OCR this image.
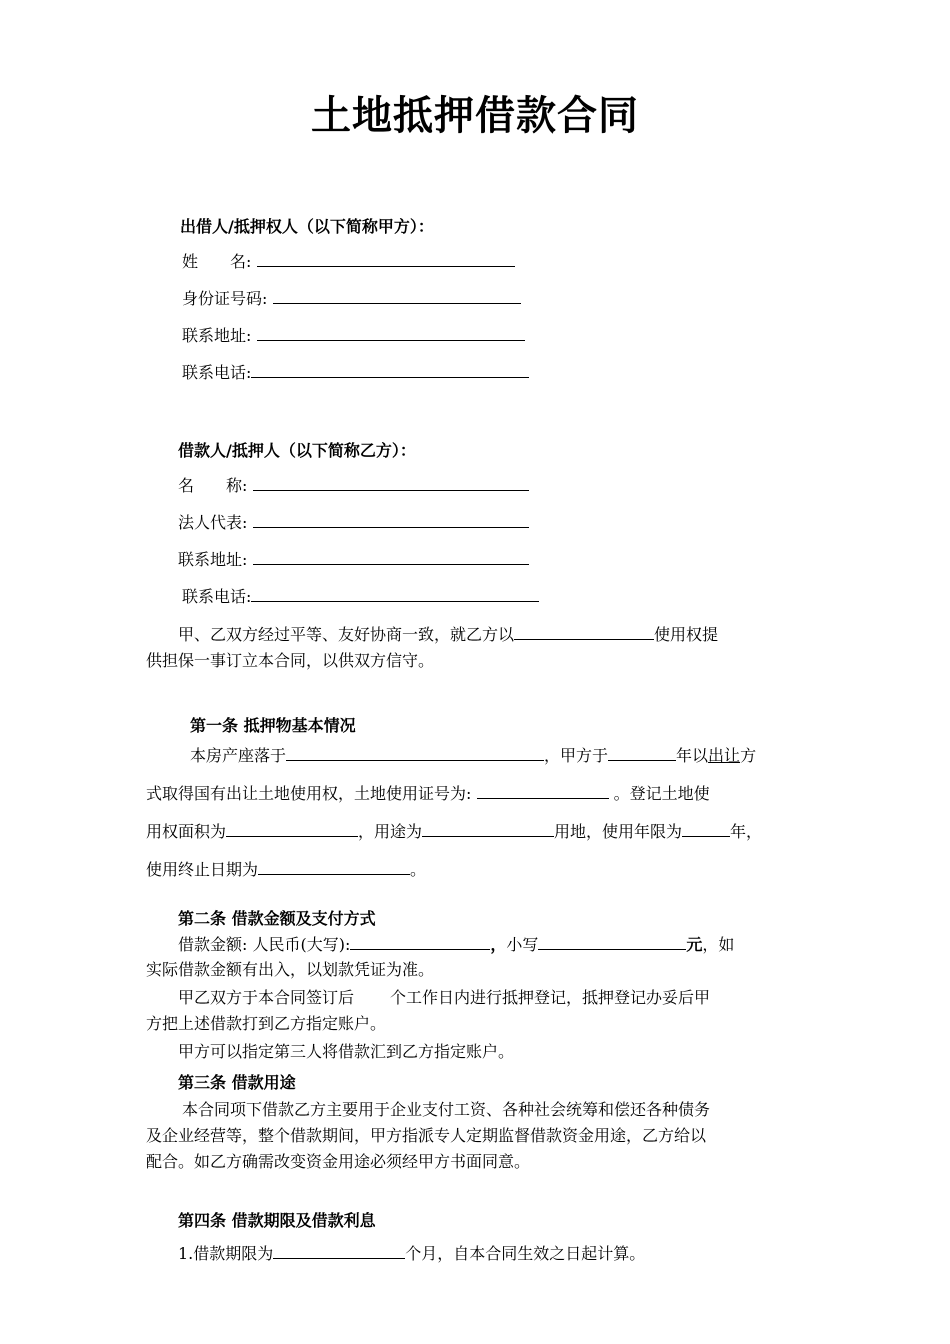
土地抵押借款合同
出借人/抵押权人（以下简称甲方）：
姓　　名:
身份证号码:
联系地址:
联系电话:
借款人/抵押人（以下简称乙方）：
名　　称:
法人代表:
联系地址:
联系电话:
甲、乙双方经过平等、友好协商一致，就乙方以	使用权提
供担保一事订立本合同，以供双方信守。
第一条 抵押物基本情况
本房产座落于	，甲方于	年以出让方
式取得国有出让土地使用权，土地使用证号为:	。登记土地使
用权面积为	，用途为	用地，使用年限为	年，
使用终止日期为	。
第二条 借款金额及支付方式
借款金额: 人民币(大写):	，小写	元，如
实际借款金额有出入，以划款凭证为准。
甲乙双方于本合同签订后 个工作日内进行抵押登记，抵押登记办妥后甲
方把上述借款打到乙方指定账户。
甲方可以指定第三人将借款汇到乙方指定账户。
第三条 借款用途
本合同项下借款乙方主要用于企业支付工资、各种社会统筹和偿还各种债务
及企业经营等，整个借款期间，甲方指派专人定期监督借款资金用途，乙方给以
配合。如乙方确需改变资金用途必须经甲方书面同意。
第四条 借款期限及借款利息
1.借款期限为	个月，自本合同生效之日起计算。
